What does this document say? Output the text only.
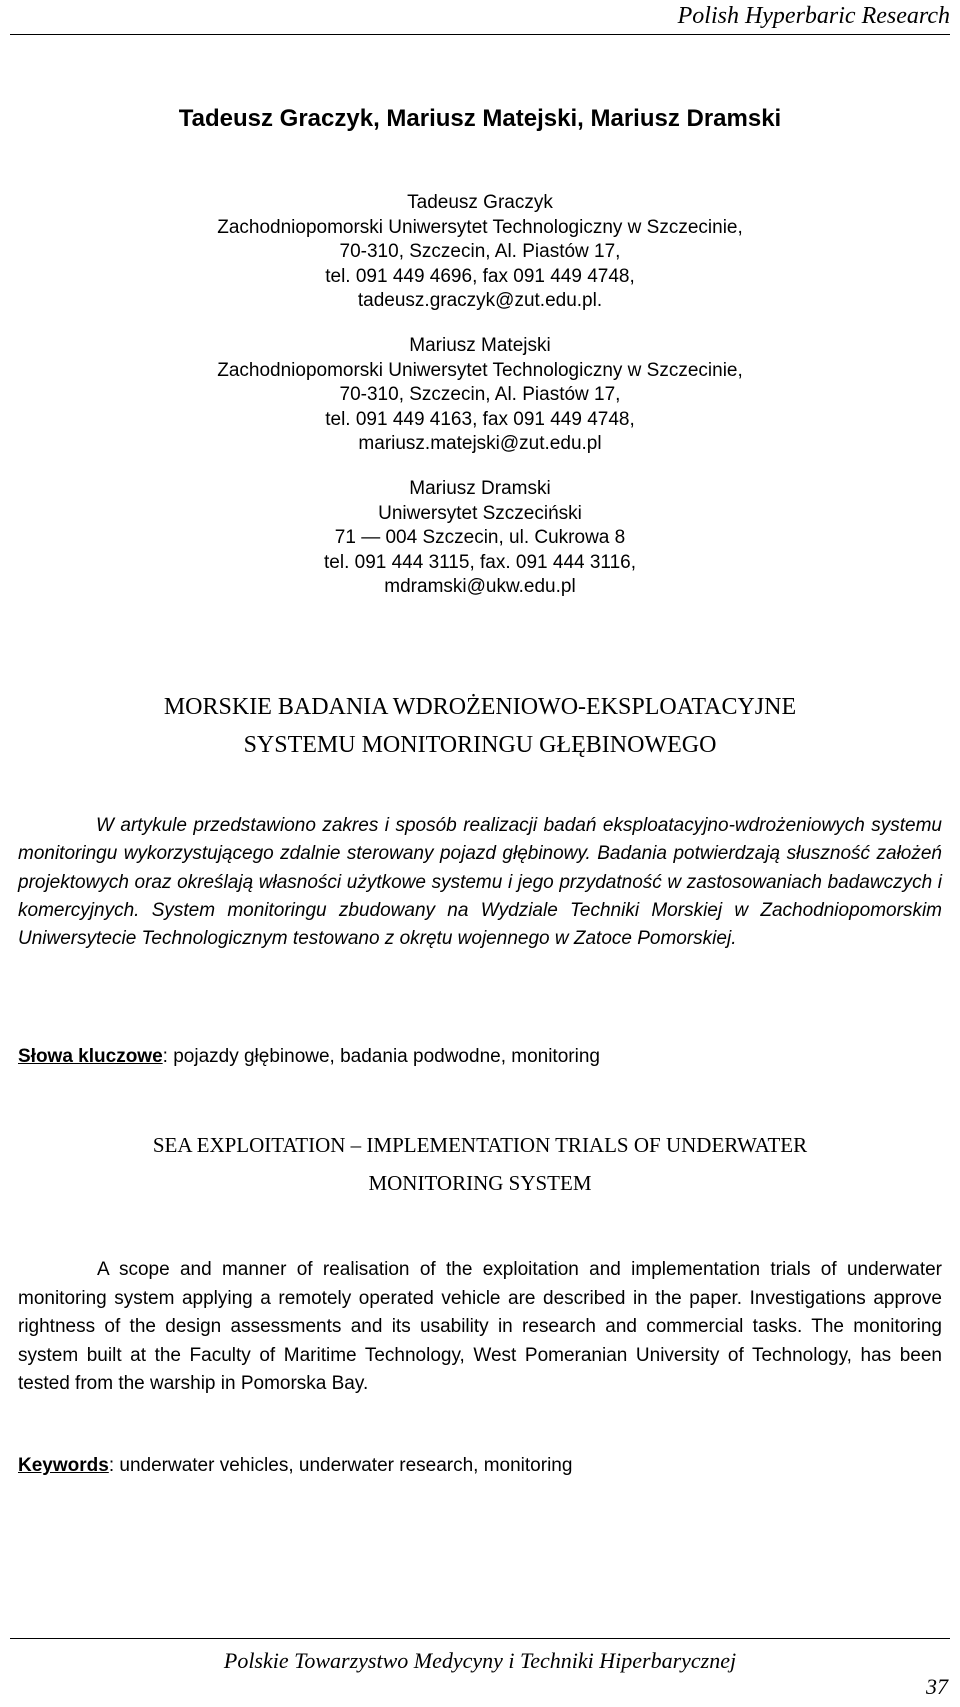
Polish Hyperbaric Research
Tadeusz Graczyk, Mariusz Matejski, Mariusz Dramski
Tadeusz Graczyk
Zachodniopomorski Uniwersytet Technologiczny w Szczecinie,
70-310, Szczecin, Al. Piastów 17,
tel. 091 449 4696, fax 091 449 4748,
tadeusz.graczyk@zut.edu.pl.
Mariusz Matejski
Zachodniopomorski Uniwersytet Technologiczny w Szczecinie,
70-310, Szczecin, Al. Piastów 17,
tel. 091 449 4163, fax 091 449 4748,
mariusz.matejski@zut.edu.pl
Mariusz Dramski
Uniwersytet Szczeciński
71 — 004 Szczecin, ul. Cukrowa 8
tel. 091 444 3115, fax. 091 444 3116,
mdramski@ukw.edu.pl
MORSKIE BADANIA WDROŻENIOWO-EKSPLOATACYJNE
SYSTEMU MONITORINGU GŁĘBINOWEGO

W artykule przedstawiono zakres i sposób realizacji badań eksploatacyjno-wdrożeniowych systemu monitoringu wykorzystującego zdalnie sterowany pojazd głębinowy. Badania potwierdzają słuszność założeń projektowych oraz określają własności użytkowe systemu i jego przydatność w zastosowaniach badawczych i komercyjnych. System monitoringu zbudowany na Wydziale Techniki Morskiej w Zachodniopomorskim Uniwersytecie Technologicznym testowano z okrętu wojennego w Zatoce Pomorskiej.

Słowa kluczowe: pojazdy głębinowe, badania podwodne, monitoring
SEA EXPLOITATION – IMPLEMENTATION TRIALS OF UNDERWATER
MONITORING SYSTEM

A scope and manner of realisation of the exploitation and implementation trials of underwater monitoring system applying a remotely operated vehicle are described in the paper. Investigations approve rightness of the design assessments and its usability in research and commercial tasks. The monitoring system built at the Faculty of Maritime Technology, West Pomeranian University of Technology, has been tested from the warship in Pomorska Bay.

Keywords: underwater vehicles, underwater research, monitoring
Polskie Towarzystwo Medycyny i Techniki Hiperbarycznej
37
